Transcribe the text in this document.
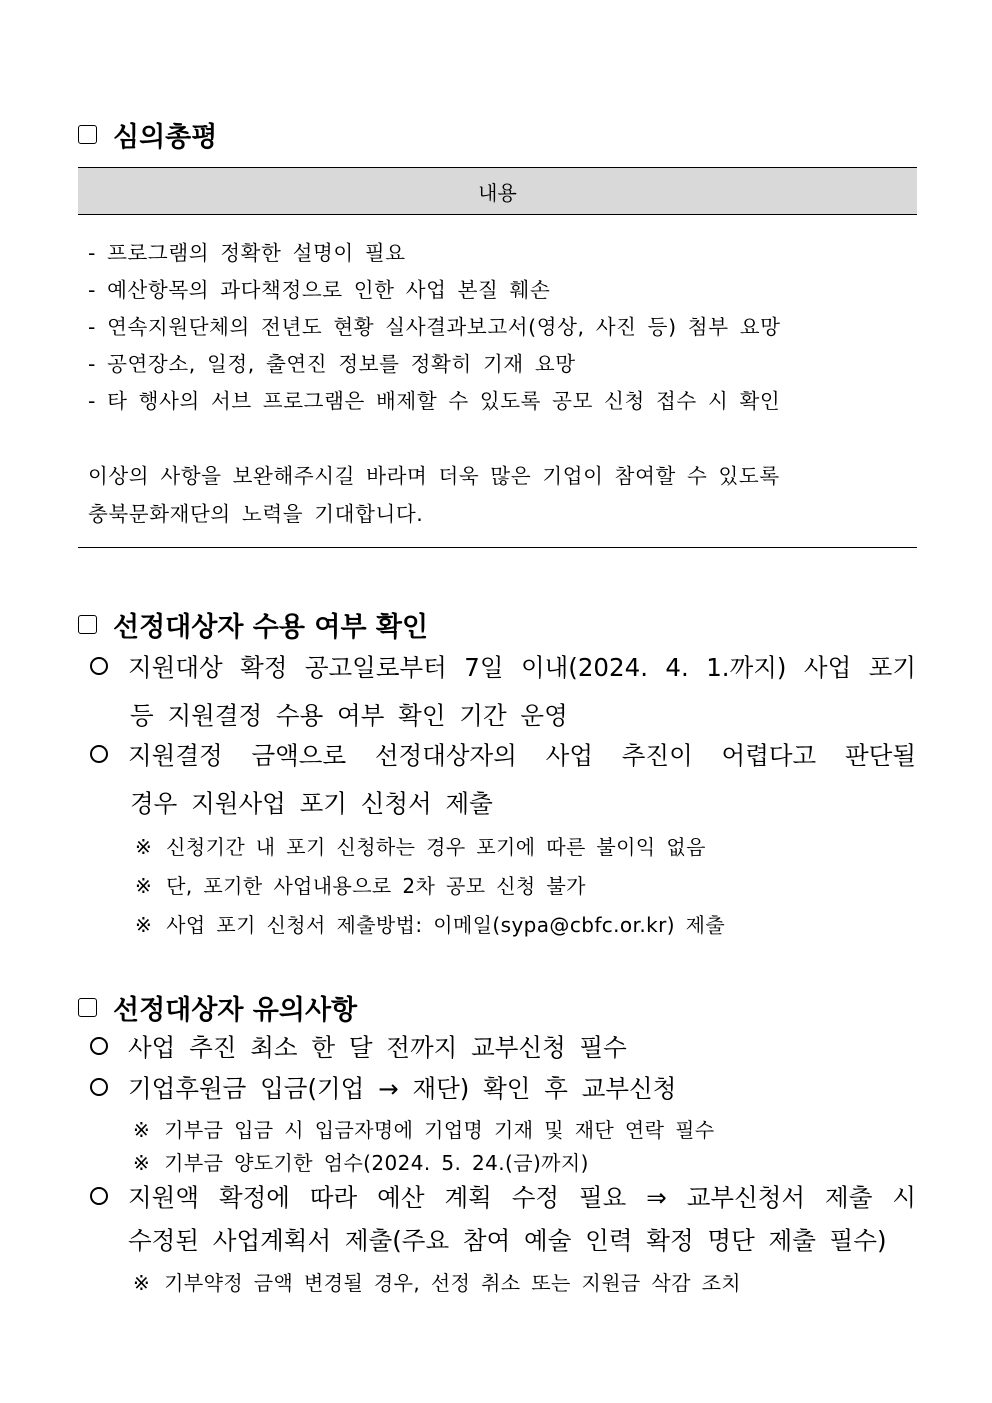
심의총평
내용
- 프로그램의 정확한 설명이 필요
- 예산항목의 과다책정으로 인한 사업 본질 훼손
- 연속지원단체의 전년도 현황 실사결과보고서(영상, 사진 등) 첨부 요망
- 공연장소, 일정, 출연진 정보를 정확히 기재 요망
- 타 행사의 서브 프로그램은 배제할 수 있도록 공모 신청 접수 시 확인
이상의 사항을 보완해주시길 바라며 더욱 많은 기업이 참여할 수 있도록
충북문화재단의 노력을 기대합니다.
선정대상자 수용 여부 확인
지원대상 확정 공고일로부터 7일 이내(2024. 4. 1.까지) 사업 포기
등 지원결정 수용 여부 확인 기간 운영
지원결정 금액으로 선정대상자의 사업 추진이 어렵다고 판단될
경우 지원사업 포기 신청서 제출
※ 신청기간 내 포기 신청하는 경우 포기에 따른 불이익 없음
※ 단, 포기한 사업내용으로 2차 공모 신청 불가
※ 사업 포기 신청서 제출방법: 이메일(sypa@cbfc.or.kr) 제출
선정대상자 유의사항
사업 추진 최소 한 달 전까지 교부신청 필수
기업후원금 입금(기업 → 재단) 확인 후 교부신청
※ 기부금 입금 시 입금자명에 기업명 기재 및 재단 연락 필수
※ 기부금 양도기한 엄수(2024. 5. 24.(금)까지)
지원액 확정에 따라 예산 계획 수정 필요 ⇒ 교부신청서 제출 시
수정된 사업계획서 제출(주요 참여 예술 인력 확정 명단 제출 필수)
※ 기부약정 금액 변경될 경우, 선정 취소 또는 지원금 삭감 조치
